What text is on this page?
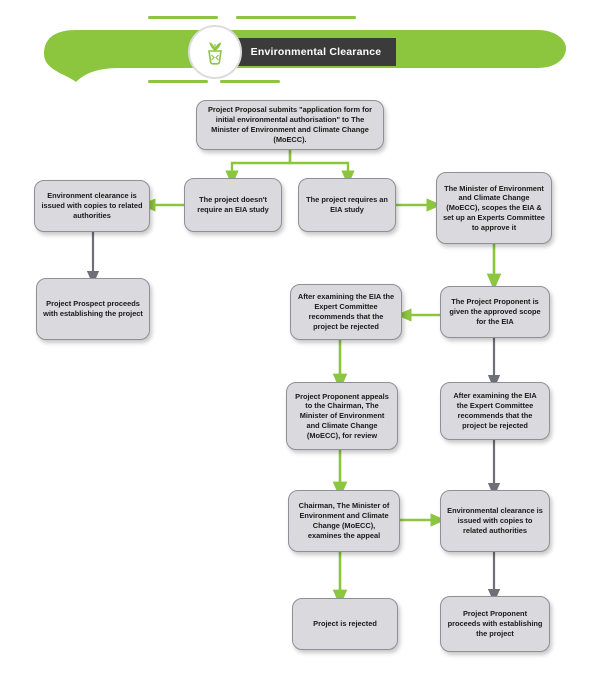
Environmental Clearance
Project Proposal submits "application form for initial environmental authorisation" to The Minister of Environment and Climate Change (MoECC).
The project doesn't require an EIA study
The project requires an EIA study
The Minister of Environment and Climate Change (MoECC), scopes the EIA & set up an Experts Committee to approve it
Environment clearance is issued with copies to related authorities
Project Prospect proceeds with establishing the project
After examining the EIA the Expert Committee recommends that the project be rejected
The Project Proponent is given the approved scope for the EIA
Project Proponent appeals to the Chairman, The Minister of Environment and Climate Change (MoECC), for review
After examining the EIA the Expert Committee recommends that the project be rejected
Chairman, The Minister of Environment and Climate Change (MoECC), examines the appeal
Environmental clearance is issued with copies to related authorities
Project is rejected
Project Proponent proceeds with establishing the project
